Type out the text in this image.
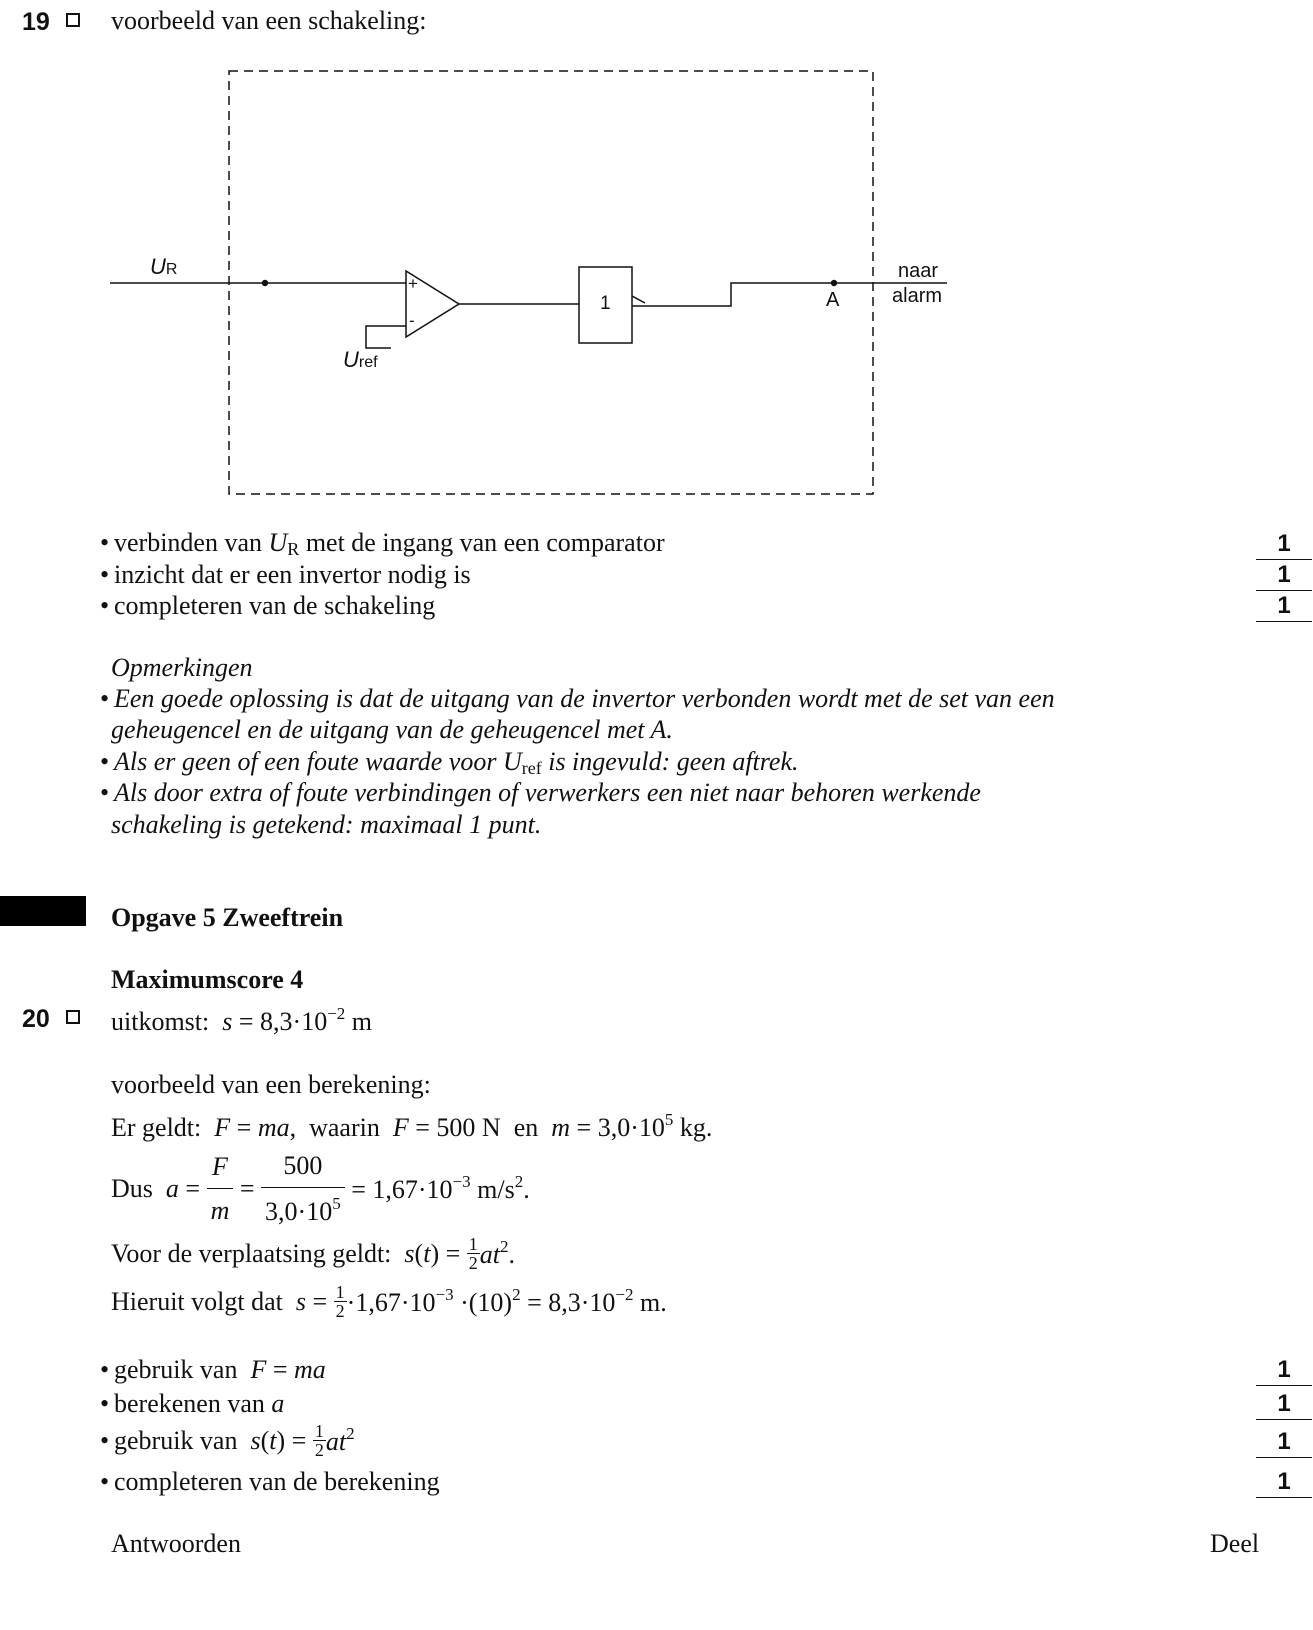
19 voorbeeld van een schakeling:
UR
+
-
Uref
1	A
naar
alarm
• verbinden van $U_R$ met de ingang van een comparator	1
• inzicht dat er een invertor nodig is	1
• completeren van de schakeling	1
Opmerkingen
• Een goede oplossing is dat de uitgang van de invertor verbonden wordt met de set van een
geheugencel en de uitgang van de geheugencel met A.
• Als er geen of een foute waarde voor $U_{ref}$ is ingevuld: geen aftrek.
• Als door extra of foute verbindingen of verwerkers een niet naar behoren werkende
schakeling is getekend: maximaal 1 punt.
Opgave 5 Zweeftrein
Maximumscore 4
20 uitkomst: $s = 8,3\cdot 10^{-2}$ m
voorbeeld van een berekening:
Er geldt: F = ma,  waarin F = 500 N  en $m = 3,0\cdot 10^5$ kg.
Dus $a = \frac{F}{m} = \frac{500}{3,0\cdot 10^5} = 1,67\cdot 10^{-3}$ $m/s^2$.
Voor de verplaatsing geldt: $s(t) = \frac{1}{2} at^2$.
Hieruit volgt dat $s = \frac{1}{2} \cdot 1,67\cdot 10^{-3} \cdot(10)^2 = 8,3\cdot 10^{-2}$ m.
• gebruik van F = ma	1
• berekenen van a	1
• gebruik van $s(t) = \frac{1}{2} at^2$	1
• completeren van de berekening	1
Antwoorden	Deel
